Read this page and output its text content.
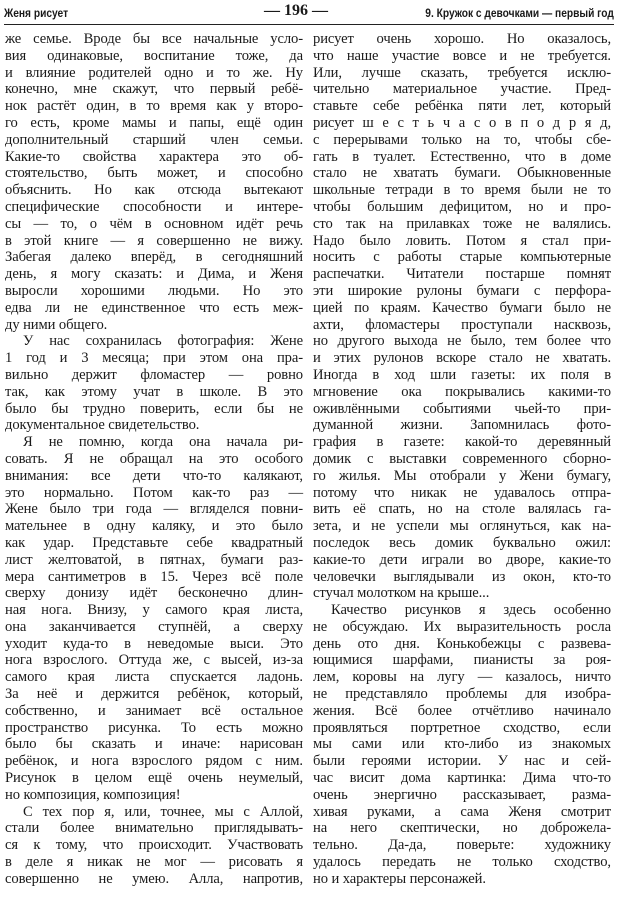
Женя рисует	— 196 —	9. Кружок с девочками — первый год
же семье. Вроде бы все начальные усло-
вия одинаковые, воспитание тоже, да
и влияние родителей одно и то же. Ну
конечно, мне скажут, что первый ребё-
нок растёт один, в то время как у второ-
го есть, кроме мамы и папы, ещё один
дополнительный старший член семьи.
Какие-то свойства характера это об-
стоятельство, быть может, и способно
объяснить. Но как отсюда вытекают
специфические способности и интере-
сы — то, о чём в основном идёт речь
в этой книге — я совершенно не вижу.
Забегая далеко вперёд, в сегодняшний
день, я могу сказать: и Дима, и Женя
выросли хорошими людьми. Но это
едва ли не единственное что есть меж-
ду ними общего.
У нас сохранилась фотография: Жене
1 год и 3 месяца; при этом она пра-
вильно держит фломастер — ровно
так, как этому учат в школе. В это
было бы трудно поверить, если бы не
документальное свидетельство.
Я не помню, когда она начала ри-
совать. Я не обращал на это особого
внимания: все дети что-то калякают,
это нормально. Потом как-то раз —
Жене было три года — вгляделся повни-
мательнее в одну каляку, и это было
как удар. Представьте себе квадратный
лист желтоватой, в пятнах, бумаги раз-
мера сантиметров в 15. Через всё поле
сверху донизу идёт бесконечно длин-
ная нога. Внизу, у самого края листа,
она заканчивается ступнёй, а сверху
уходит куда-то в неведомые выси. Это
нога взрослого. Оттуда же, с высей, из-за
самого края листа спускается ладонь.
За неё и держится ребёнок, который,
собственно, и занимает всё остальное
пространство рисунка. То есть можно
было бы сказать и иначе: нарисован
ребёнок, и нога взрослого рядом с ним.
Рисунок в целом ещё очень неумелый,
но композиция, композиция!
С тех пор я, или, точнее, мы с Аллой,
стали более внимательно приглядывать-
ся к тому, что происходит. Участвовать
в деле я никак не мог — рисовать я
совершенно не умею. Алла, напротив,
рисует очень хорошо. Но оказалось,
что наше участие вовсе и не требуется.
Или, лучше сказать, требуется исклю-
чительно материальное участие. Пред-
ставьте себе ребёнка пяти лет, который
рисует ш е с т ь ч а с о в п о д р я д,
с перерывами только на то, чтобы сбе-
гать в туалет. Естественно, что в доме
стало не хватать бумаги. Обыкновенные
школьные тетради в то время были не то
чтобы большим дефицитом, но и про-
сто так на прилавках тоже не валялись.
Надо было ловить. Потом я стал при-
носить с работы старые компьютерные
распечатки. Читатели постарше помнят
эти широкие рулоны бумаги с перфора-
цией по краям. Качество бумаги было не
ахти, фломастеры проступали насквозь,
но другого выхода не было, тем более что
и этих рулонов вскоре стало не хватать.
Иногда в ход шли газеты: их поля в
мгновение ока покрывались какими-то
оживлёнными событиями чьей-то при-
думанной жизни. Запомнилась фото-
графия в газете: какой-то деревянный
домик с выставки современного сборно-
го жилья. Мы отобрали у Жени бумагу,
потому что никак не удавалось отпра-
вить её спать, но на столе валялась га-
зета, и не успели мы оглянуться, как на-
последок весь домик буквально ожил:
какие-то дети играли во дворе, какие-то
человечки выглядывали из окон, кто-то
стучал молотком на крыше...
Качество рисунков я здесь особенно
не обсуждаю. Их выразительность росла
день ото дня. Конькобежцы с развева-
ющимися шарфами, пианисты за роя-
лем, коровы на лугу — казалось, ничто
не представляло проблемы для изобра-
жения. Всё более отчётливо начинало
проявляться портретное сходство, если
мы сами или кто-либо из знакомых
были героями истории. У нас и сей-
час висит дома картинка: Дима что-то
очень энергично рассказывает, разма-
хивая руками, а сама Женя смотрит
на него скептически, но доброжела-
тельно. Да-да, поверьте: художнику
удалось передать не только сходство,
но и характеры персонажей.
